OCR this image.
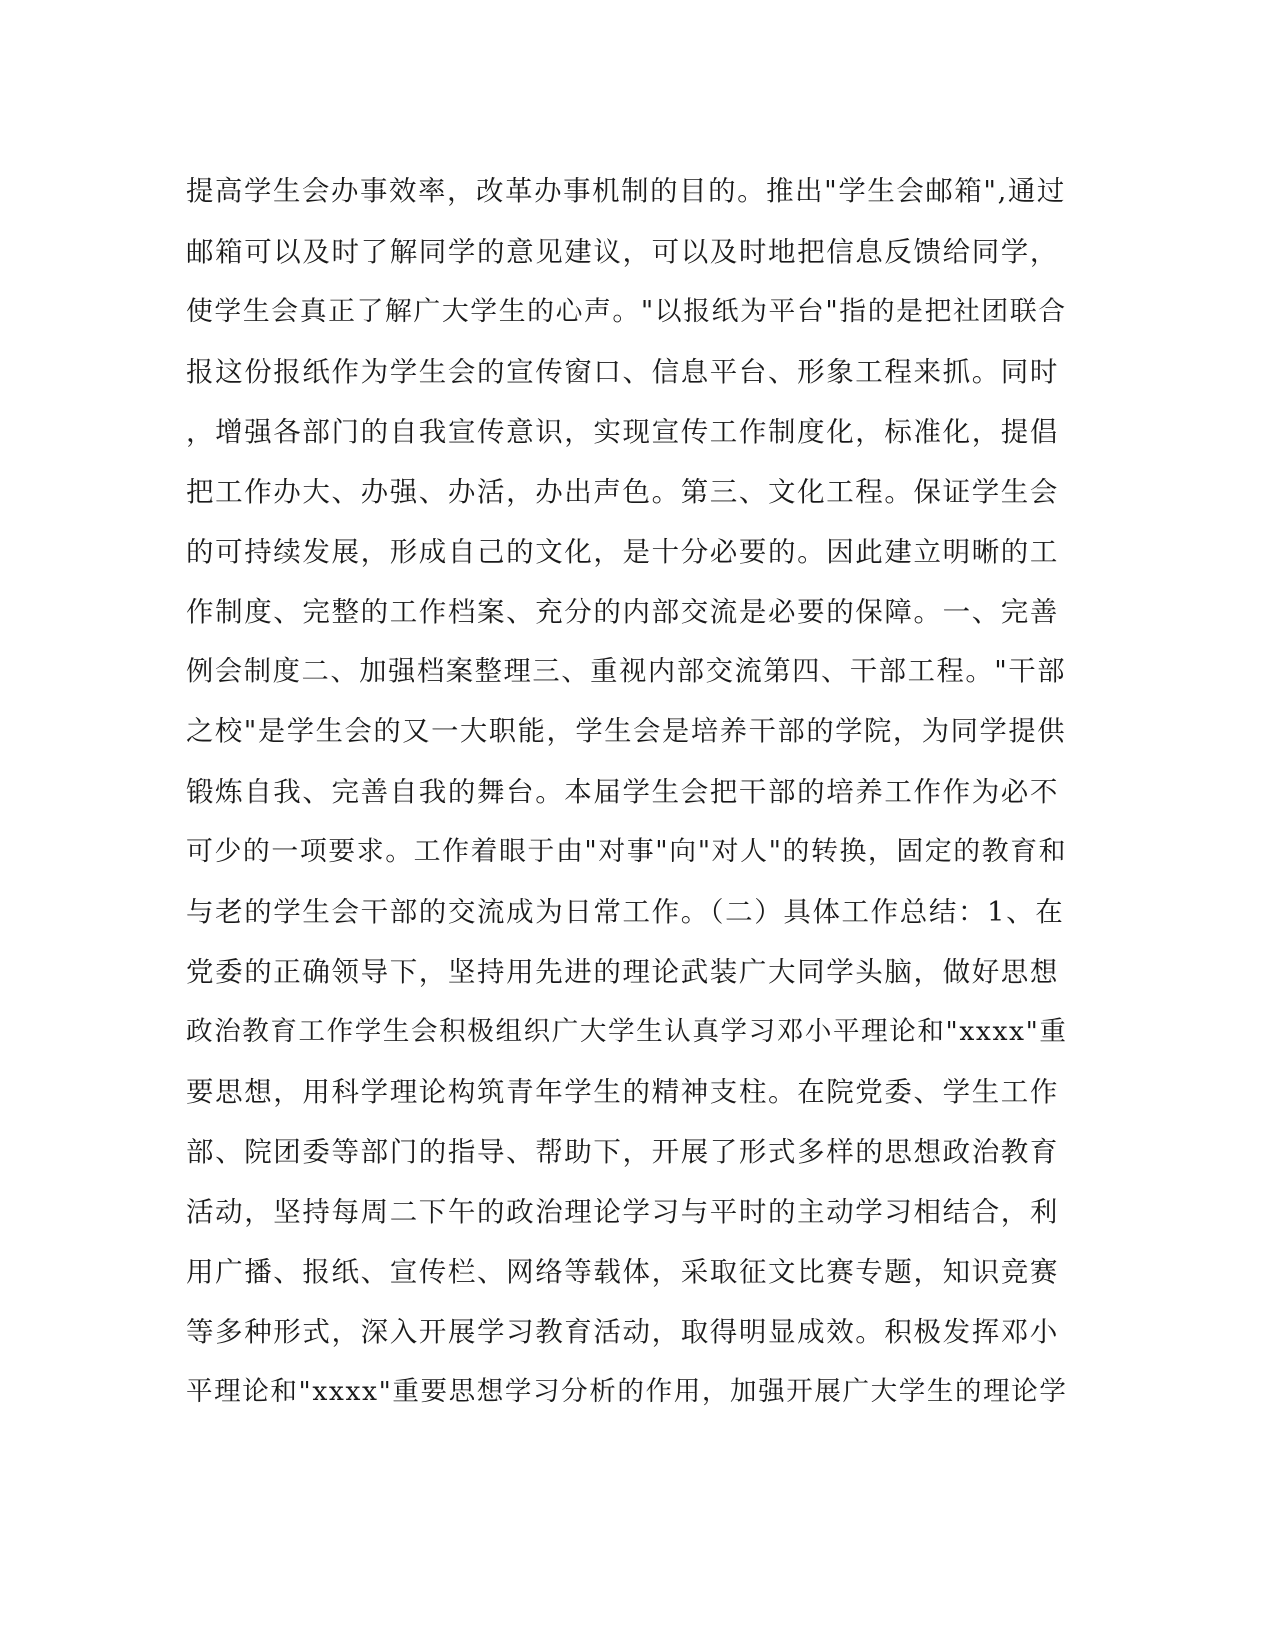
提高学生会办事效率，改革办事机制的目的。推出"学生会邮箱",通过
邮箱可以及时了解同学的意见建议，可以及时地把信息反馈给同学，
使学生会真正了解广大学生的心声。"以报纸为平台"指的是把社团联合
报这份报纸作为学生会的宣传窗口、信息平台、形象工程来抓。同时
，增强各部门的自我宣传意识，实现宣传工作制度化，标准化，提倡
把工作办大、办强、办活，办出声色。第三、文化工程。保证学生会
的可持续发展，形成自己的文化，是十分必要的。因此建立明晰的工
作制度、完整的工作档案、充分的内部交流是必要的保障。一、完善
例会制度二、加强档案整理三、重视内部交流第四、干部工程。"干部
之校"是学生会的又一大职能，学生会是培养干部的学院，为同学提供
锻炼自我、完善自我的舞台。本届学生会把干部的培养工作作为必不
可少的一项要求。工作着眼于由"对事"向"对人"的转换，固定的教育和
与老的学生会干部的交流成为日常工作。（二）具体工作总结：1、在
党委的正确领导下，坚持用先进的理论武装广大同学头脑，做好思想
政治教育工作学生会积极组织广大学生认真学习邓小平理论和"xxxx"重
要思想，用科学理论构筑青年学生的精神支柱。在院党委、学生工作
部、院团委等部门的指导、帮助下，开展了形式多样的思想政治教育
活动，坚持每周二下午的政治理论学习与平时的主动学习相结合，利
用广播、报纸、宣传栏、网络等载体，采取征文比赛专题，知识竞赛
等多种形式，深入开展学习教育活动，取得明显成效。积极发挥邓小
平理论和"xxxx"重要思想学习分析的作用，加强开展广大学生的理论学
